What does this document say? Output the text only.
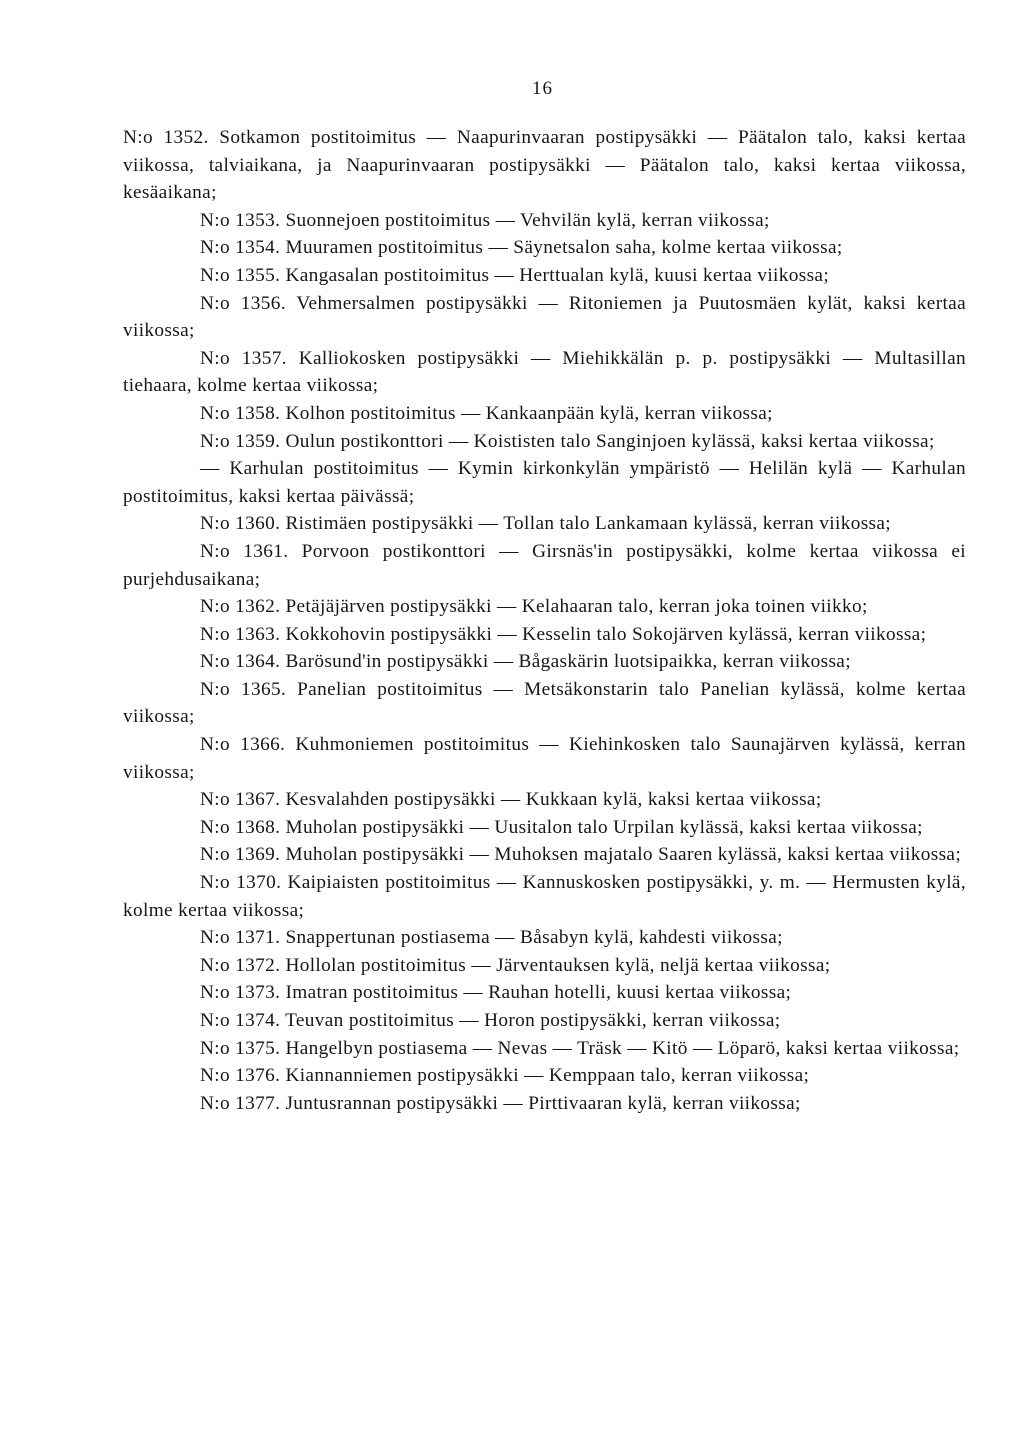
16

N:o 1352. Sotkamon postitoimitus — Naapurinvaaran postipysäkki — Päätalon talo, kaksi kertaa viikossa, talviaikana, ja Naapurinvaaran postipysäkki — Päätalon talo, kaksi kertaa viikossa, kesäaikana;

N:o 1353. Suonnejoen postitoimitus — Vehvilän kylä, kerran viikossa;

N:o 1354. Muuramen postitoimitus — Säynetsalon saha, kolme kertaa viikossa;

N:o 1355. Kangasalan postitoimitus — Herttualan kylä, kuusi kertaa viikossa;

N:o 1356. Vehmersalmen postipysäkki — Ritoniemen ja Puutosmäen kylät, kaksi kertaa viikossa;

N:o 1357. Kalliokosken postipysäkki — Miehikkälän p. p. postipysäkki — Multasillan tiehaara, kolme kertaa viikossa;

N:o 1358. Kolhon postitoimitus — Kankaanpään kylä, kerran viikossa;

N:o 1359. Oulun postikonttori — Koististen talo Sanginjoen kylässä, kaksi kertaa viikossa;

— Karhulan postitoimitus — Kymin kirkonkylän ympäristö — Helilän kylä — Karhulan postitoimitus, kaksi kertaa päivässä;

N:o 1360. Ristimäen postipysäkki — Tollan talo Lankamaan kylässä, kerran viikossa;

N:o 1361. Porvoon postikonttori — Girsnäs'in postipysäkki, kolme kertaa viikossa ei purjehdusaikana;

N:o 1362. Petäjäjärven postipysäkki — Kelahaaran talo, kerran joka toinen viikko;

N:o 1363. Kokkohovin postipysäkki — Kesselin talo Sokojärven kylässä, kerran viikossa;

N:o 1364. Barösund'in postipysäkki — Bågaskärin luotsipaikka, kerran viikossa;

N:o 1365. Panelian postitoimitus — Metsäkonstarin talo Panelian kylässä, kolme kertaa viikossa;

N:o 1366. Kuhmoniemen postitoimitus — Kiehinkosken talo Saunajärven kylässä, kerran viikossa;

N:o 1367. Kesvalahden postipysäkki — Kukkaan kylä, kaksi kertaa viikossa;

N:o 1368. Muholan postipysäkki — Uusitalon talo Urpilan kylässä, kaksi kertaa viikossa;

N:o 1369. Muholan postipysäkki — Muhoksen majatalo Saaren kylässä, kaksi kertaa viikossa;

N:o 1370. Kaipiaisten postitoimitus — Kannuskosken postipysäkki, y. m. — Hermusten kylä, kolme kertaa viikossa;

N:o 1371. Snappertunan postiasema — Båsabyn kylä, kahdesti viikossa;

N:o 1372. Hollolan postitoimitus — Järventauksen kylä, neljä kertaa viikossa;

N:o 1373. Imatran postitoimitus — Rauhan hotelli, kuusi kertaa viikossa;

N:o 1374. Teuvan postitoimitus — Horon postipysäkki, kerran viikossa;

N:o 1375. Hangelbyn postiasema — Nevas — Träsk — Kitö — Löparö, kaksi kertaa viikossa;

N:o 1376. Kiannanniemen postipysäkki — Kemppaan talo, kerran viikossa;

N:o 1377. Juntusrannan postipysäkki — Pirttivaaran kylä, kerran viikossa;
